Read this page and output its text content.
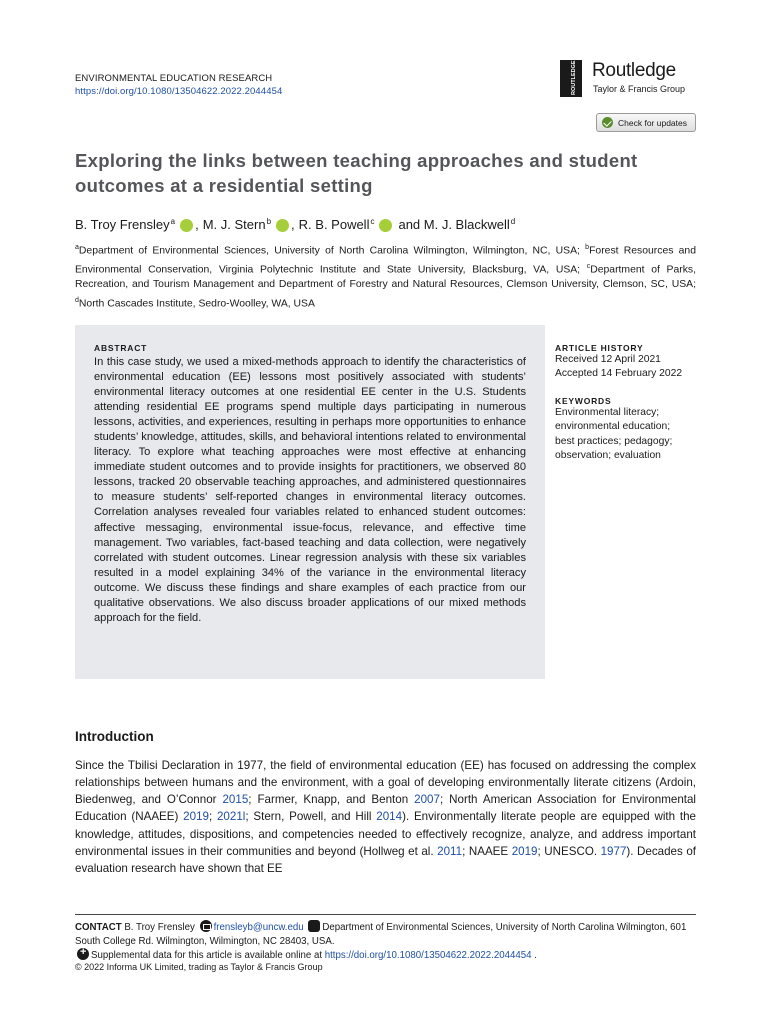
ENVIRONMENTAL EDUCATION RESEARCH
https://doi.org/10.1080/13504622.2022.2044454	ROUTLEDGE Routledge
Taylor & Francis Group
Check for updates
Exploring the links between teaching approaches and student outcomes at a residential setting
B. Troy Frensley$^a$ , M. J. Stern$^b$ , R. B. Powell$^c$	and M. J. Blackwell$^d$
$^a$Department of Environmental Sciences, University of North Carolina Wilmington, Wilmington, NC, USA; $^b$Forest Resources and Environmental Conservation, Virginia Polytechnic Institute and State University, Blacksburg, VA, USA; $^c$Department of Parks, Recreation, and Tourism Management and Department of Forestry and Natural Resources, Clemson University, Clemson, SC, USA; $^d$North Cascades Institute, Sedro-Woolley, WA, USA
ABSTRACT
In this case study, we used a mixed-methods approach to identify the characteristics of environmental education (EE) lessons most positively associated with students’ environmental literacy outcomes at one residential EE center in the U.S. Students attending residential EE programs spend multiple days participating in numerous lessons, activities, and experiences, resulting in perhaps more opportunities to enhance students’ knowledge, attitudes, skills, and behavioral intentions related to environmental literacy. To explore what teaching approaches were most effective at enhancing immediate student outcomes and to provide insights for practitioners, we observed 80 lessons, tracked 20 observable teaching approaches, and administered questionnaires to measure students’ self-reported changes in environmental literacy outcomes. Correlation analyses revealed four variables related to enhanced student outcomes: affective messaging, environmental issue-focus, relevance, and effective time management. Two variables, fact-based teaching and data collection, were negatively correlated with student outcomes. Linear regression analysis with these six variables resulted in a model explaining 34% of the variance in the environmental literacy outcome. We discuss these findings and share examples of each practice from our qualitative observations. We also discuss broader applications of our mixed methods approach for the field.
ARTICLE HISTORY
Received 12 April 2021
Accepted 14 February 2022
KEYWORDS
Environmental literacy;
environmental education;
best practices; pedagogy;
observation; evaluation
Introduction
Since the Tbilisi Declaration in 1977, the field of environmental education (EE) has focused on addressing the complex relationships between humans and the environment, with a goal of developing environmentally literate citizens (Ardoin, Biedenweg, and O’Connor 2015; Farmer, Knapp, and Benton 2007; North American Association for Environmental Education (NAAEE) 2019; 2021l; Stern, Powell, and Hill 2014). Environmentally literate people are equipped with the knowledge, attitudes, dispositions, and competencies needed to effectively recognize, analyze, and address important environmental issues in their communities and beyond (Hollweg et al. 2011; NAAEE 2019; UNESCO. 1977). Decades of evaluation research have shown that EE
CONTACT B. Troy Frensley frensleyb@uncw.edu Department of Environmental Sciences, University of North Carolina Wilmington, 601 South College Rd. Wilmington, Wilmington, NC 28403, USA.
+Supplemental data for this article is available online at https://doi.org/10.1080/13504622.2022.2044454 .
© 2022 Informa UK Limited, trading as Taylor & Francis Group
